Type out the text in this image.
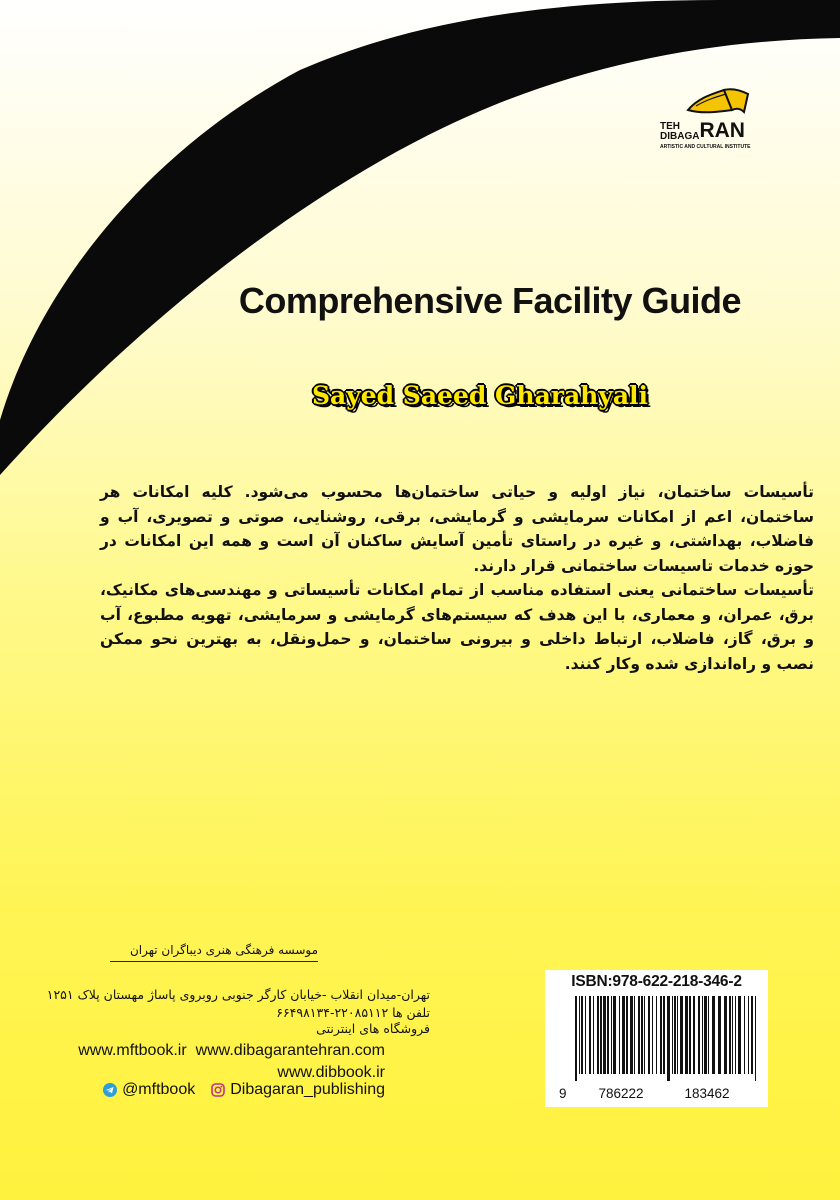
TEH
DIBAGA RAN
ARTISTIC AND CULTURAL INSTITUTE
Comprehensive Facility Guide
Sayed Saeed Gharahyali

تأسیسات ساختمان، نیاز اولیه و حیاتی ساختمان‌ها محسوب می‌شود. کلیه امکانات هر ساختمان، اعم از امکانات سرمایشی و گرمایشی، برقی، روشنایی، صوتی و تصویری، آب و فاضلاب، بهداشتی، و غیره در راستای تأمین آسایش ساکنان آن است و همه این امکانات در حوزه خدمات تاسیسات ساختمانی قرار دارند.

تأسیسات ساختمانی یعنی استفاده مناسب از تمام امکانات تأسیساتی و مهندسی‌های مکانیک، برق، عمران، و معماری، با این هدف که سیستم‌های گرمایشی و سرمایشی، تهویه مطبوع، آب و برق، گاز، فاضلاب، ارتباط داخلی و بیرونی ساختمان، و حمل‌ونقل، به بهترین نحو ممکن نصب و راه‌اندازی شده وکار کنند.

موسسه فرهنگی هنری دیباگران تهران
تهران-میدان انقلاب -خیابان کارگر جنوبی روبروی پاساژ مهستان پلاک ۱۲۵۱
تلفن ها ۲۲۰۸۵۱۱۲-۶۶۴۹۸۱۳۴
فروشگاه های اینترنتی
www.mftbook.ir www.dibagarantehran.com
www.dibbook.ir
@mftbook Dibagaran_publishing
ISBN:978-622-218-346-2
9	786222	183462
